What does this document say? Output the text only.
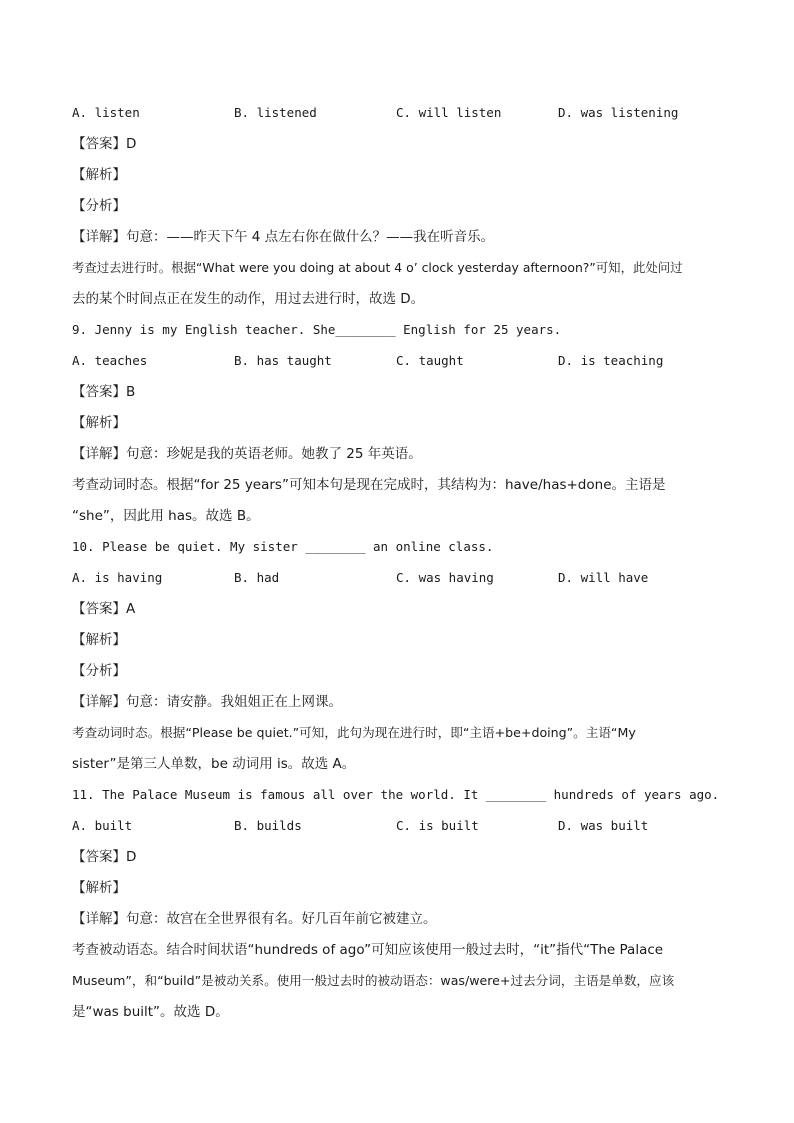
A. listen	B. listened	C. will listen	D. was listening
【答案】D
【解析】
【分析】
【详解】句意：——昨天下午 4 点左右你在做什么？——我在听音乐。
考查过去进行时。根据“What were you doing at about 4 o’ clock yesterday afternoon?”可知，此处问过
去的某个时间点正在发生的动作，用过去进行时，故选 D。
9. Jenny is my English teacher. She________ English for 25 years.
A. teaches	B. has taught	C. taught	D. is teaching
【答案】B
【解析】
【详解】句意：珍妮是我的英语老师。她教了 25 年英语。
考查动词时态。根据“for 25 years”可知本句是现在完成时，其结构为：have/has+done。主语是
“she”，因此用 has。故选 B。
10. Please be quiet. My sister ________ an online class.
A. is having	B. had	C. was having	D. will have
【答案】A
【解析】
【分析】
【详解】句意：请安静。我姐姐正在上网课。
考查动词时态。根据“Please be quiet.”可知，此句为现在进行时，即“主语+be+doing”。主语“My
sister”是第三人单数，be 动词用 is。故选 A。
11. The Palace Museum is famous all over the world. It ________ hundreds of years ago.
A. built	B. builds	C. is built	D. was built
【答案】D
【解析】
【详解】句意：故宫在全世界很有名。好几百年前它被建立。
考查被动语态。结合时间状语“hundreds of ago”可知应该使用一般过去时，“it”指代“The Palace
Museum”，和“build”是被动关系。使用一般过去时的被动语态：was/were+过去分词，主语是单数，应该
是“was built”。故选 D。
